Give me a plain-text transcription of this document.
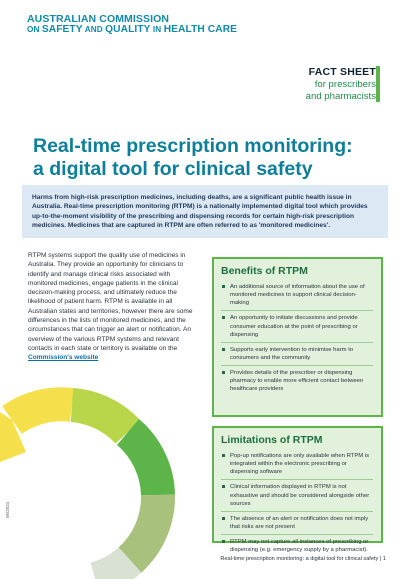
AUSTRALIAN COMMISSION
ON SAFETY AND QUALITY IN HEALTH CARE
FACT SHEET
for prescribers
and pharmacists
Real-time prescription monitoring:
a digital tool for clinical safety
Harms from high-risk prescription medicines, including deaths, are a significant public health issue in Australia. Real-time prescription monitoring (RTPM) is a nationally implemented digital tool which provides up-to-the-moment visibility of the prescribing and dispensing records for certain high-risk prescription medicines. Medicines that are captured in RTPM are often referred to as 'monitored medicines'.
RTPM systems support the quality use of medicines in Australia. They provide an opportunity for clinicians to identify and manage clinical risks associated with monitored medicines, engage patients in the clinical decision-making process, and ultimately reduce the likelihood of patient harm. RTPM is available in all Australian states and territories, however there are some differences in the lists of monitored medicines, and the circumstances that can trigger an alert or notification. An overview of the various RTPM systems and relevant contacts in each state or territory is available on the Commission's website
Benefits of RTPM
An additional source of information about the use of monitored medicines to support clinical decision-making
An opportunity to initiate discussions and provide consumer education at the point of prescribing or dispensing
Supports early intervention to minimise harm to consumers and the community
Provides details of the prescriber or dispensing pharmacy to enable more efficient contact between healthcare providers
Limitations of RTPM
Pop-up notifications are only available when RTPM is integrated within the electronic prescribing or dispensing software
Clinical information displayed in RTPM is not exhaustive and should be considered alongside other sources
The absence of an alert or notification does not imply that risks are not present
RTPM may not capture all instances of prescribing or dispensing (e.g. emergency supply by a pharmacist).
06/2024
Real-time prescription monitoring: a digital tool for clinical safety | 1
